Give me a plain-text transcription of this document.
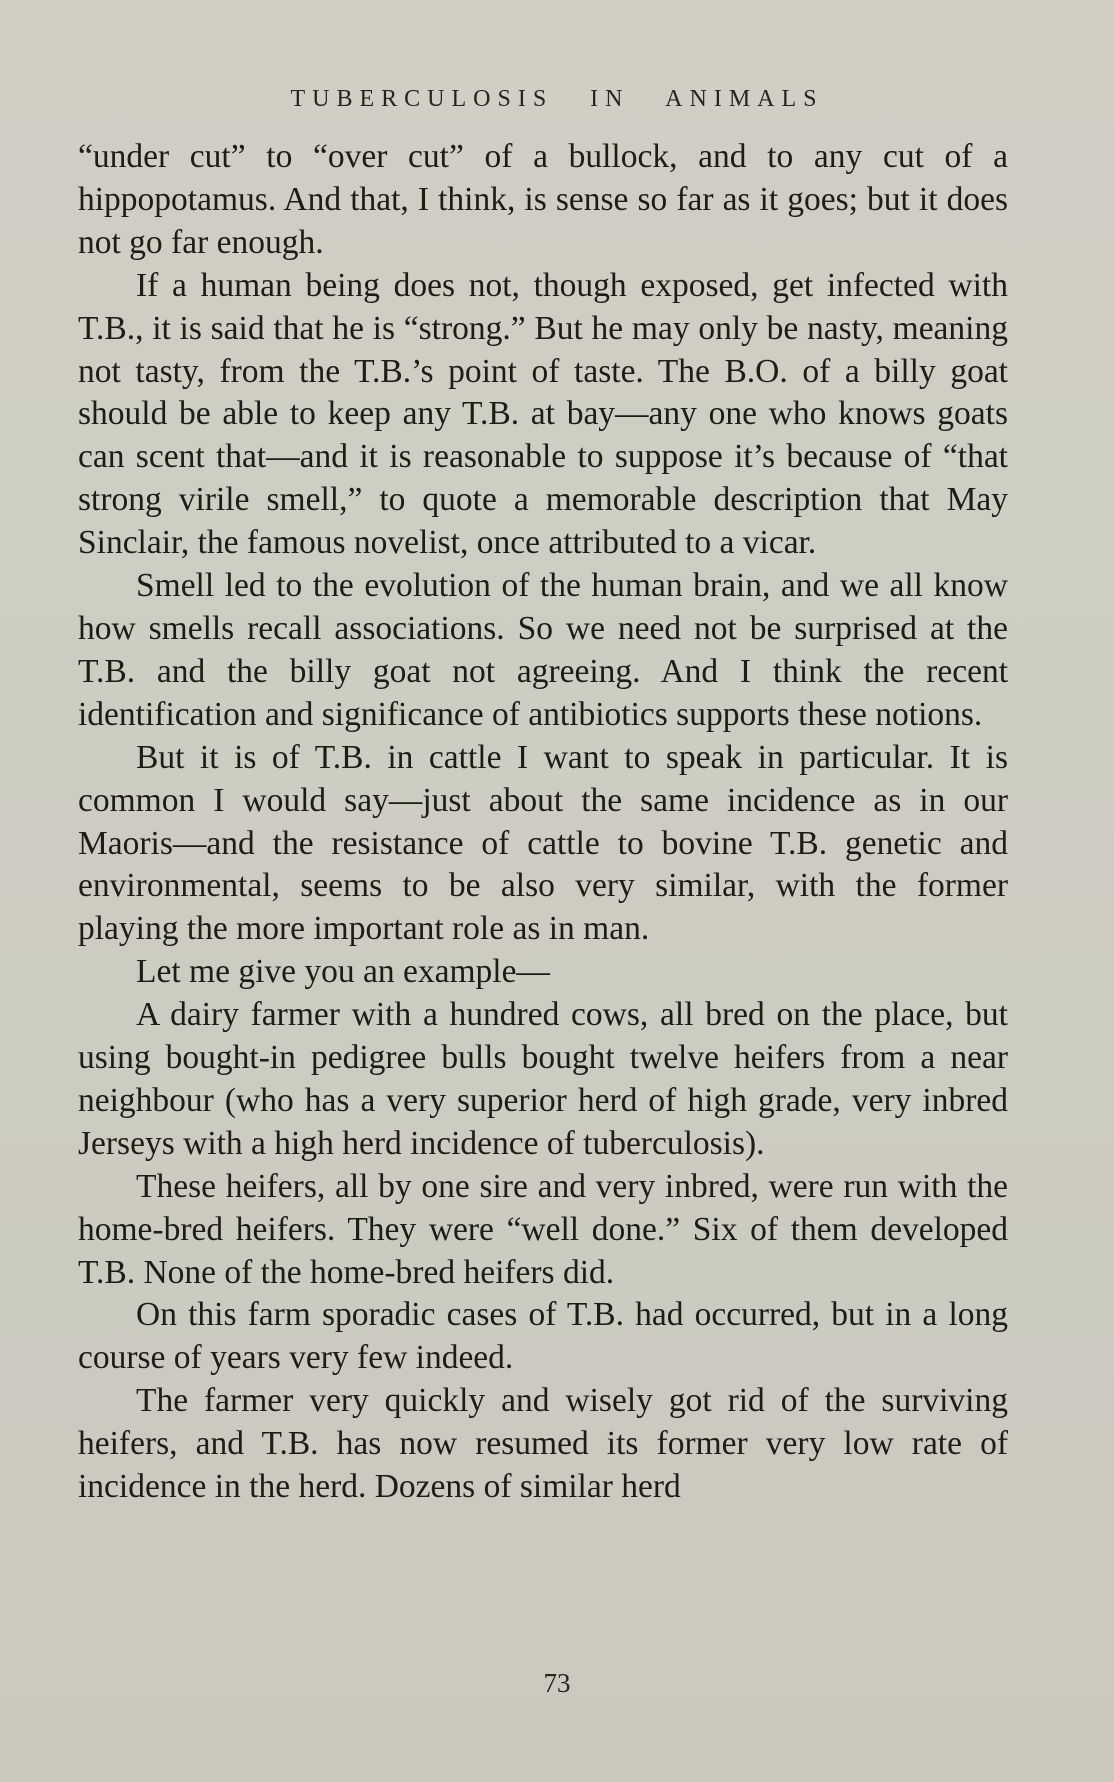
TUBERCULOSIS IN ANIMALS

“under cut” to “over cut” of a bullock, and to any cut of a hippopotamus. And that, I think, is sense so far as it goes; but it does not go far enough.

If a human being does not, though exposed, get infected with T.B., it is said that he is “strong.” But he may only be nasty, meaning not tasty, from the T.B.’s point of taste. The B.O. of a billy goat should be able to keep any T.B. at bay—any one who knows goats can scent that—and it is reasonable to suppose it’s because of “that strong virile smell,” to quote a memorable description that May Sinclair, the famous novelist, once attributed to a vicar.

Smell led to the evolution of the human brain, and we all know how smells recall associations. So we need not be surprised at the T.B. and the billy goat not agreeing. And I think the recent identification and significance of antibiotics supports these notions.

But it is of T.B. in cattle I want to speak in particular. It is common I would say—just about the same incidence as in our Maoris—and the resistance of cattle to bovine T.B. genetic and environmental, seems to be also very similar, with the former playing the more important role as in man.

Let me give you an example—

A dairy farmer with a hundred cows, all bred on the place, but using bought-in pedigree bulls bought twelve heifers from a near neighbour (who has a very superior herd of high grade, very inbred Jerseys with a high herd incidence of tuberculosis).

These heifers, all by one sire and very inbred, were run with the home-bred heifers. They were “well done.” Six of them developed T.B. None of the home-bred heifers did.

On this farm sporadic cases of T.B. had occurred, but in a long course of years very few indeed.

The farmer very quickly and wisely got rid of the surviving heifers, and T.B. has now resumed its former very low rate of incidence in the herd. Dozens of similar herd

73
